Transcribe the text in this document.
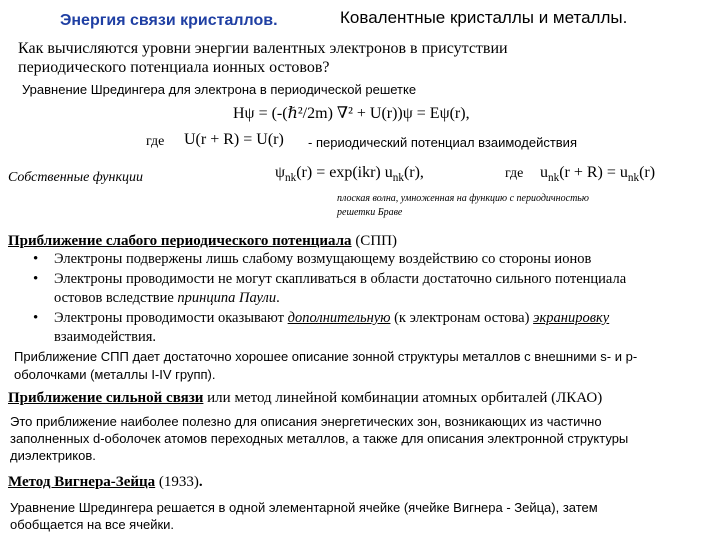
Энергия связи кристаллов.	Ковалентные кристаллы и металлы.
Как вычисляются уровни энергии валентных электронов в присутствии
периодического потенциала ионных остовов?
Уравнение Шредингера для электрона в периодической решетке
Hψ = (-(ℏ²/2m) ∇² + U(r))ψ = Eψ(r),
где U(r + R) = U(r) - периодический потенциал взаимодействия
Собственные функции	$\psi_{nk}(r) = \exp(ikr)$ $u_{nk}(r)$,	где $u_{nk}(r + R) = u_{nk}(r)$
плоская волна, умноженная на функцию с периодичностью
решетки Браве
Приближение слабого периодического потенциала (СПП)
• Электроны подвержены лишь слабому возмущающему воздействию со стороны ионов
• Электроны проводимости не могут скапливаться в области достаточно сильного потенциала
остовов вследствие принципа Паули.
• Электроны проводимости оказывают дополнительную (к электронам остова) экранировку
взаимодействия.
Приближение СПП дает достаточно хорошее описание зонной структуры металлов с внешними s- и p-
оболочками (металлы I-IV групп).
Приближение сильной связи или метод линейной комбинации атомных орбиталей (ЛКАО)
Это приближение наиболее полезно для описания энергетических зон, возникающих из частично
заполненных d-оболочек атомов переходных металлов, а также для описания электронной структуры
диэлектриков.
Метод Вигнера-Зейца (1933).
Уравнение Шредингера решается в одной элементарной ячейке (ячейке Вигнера - Зейца), затем
обобщается на все ячейки.
